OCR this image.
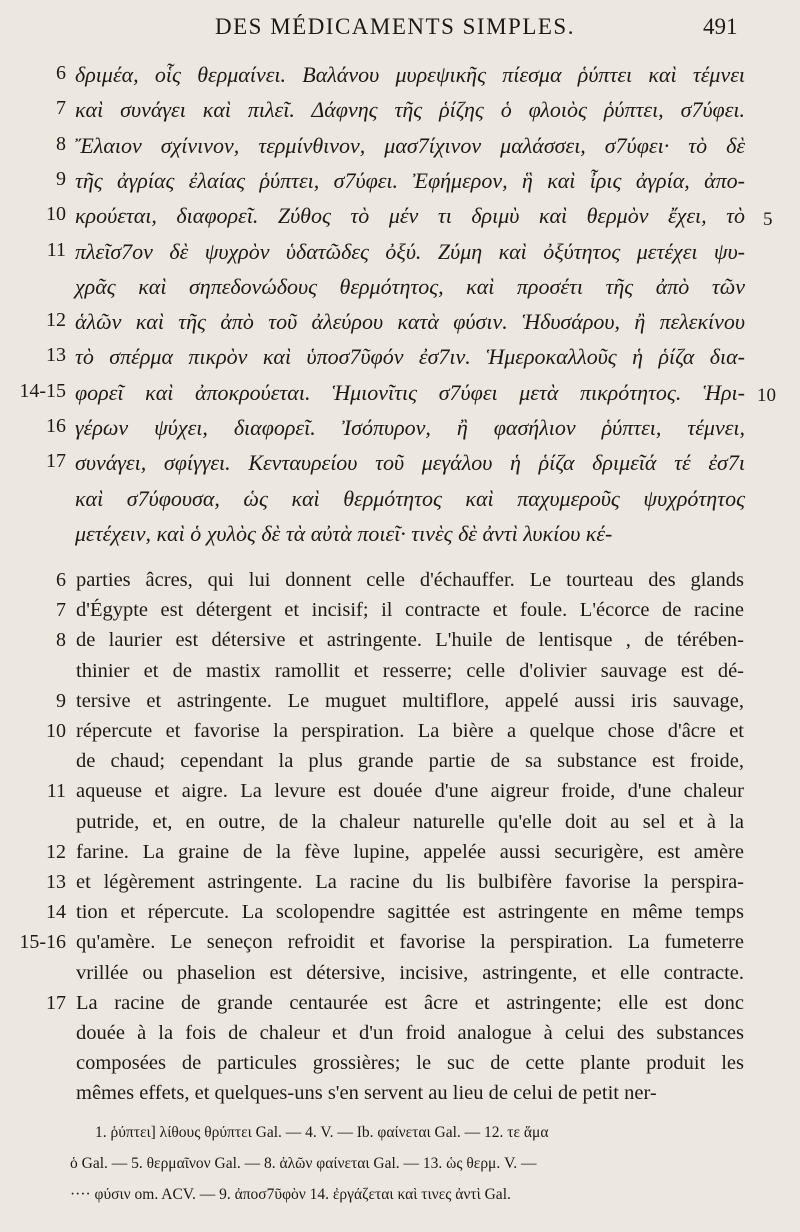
DES MÉDICAMENTS SIMPLES.	491
6 δριμέα, οἷς θερμαίνει. Βαλάνου μυρεψικῆς πίεσμα ῥύπτει καὶ τέμνει
7 καὶ συνάγει καὶ πιλεῖ. Δάφνης τῆς ῥίζης ὁ φλοιὸς ῥύπτει, σ7ύφει.
8 Ἔλαιον σχίνινον, τερμίνθινον, μασ7ίχινον μαλάσσει, σ7ύφει· τὸ δὲ
9 τῆς ἀγρίας ἐλαίας ῥύπτει, σ7ύφει. Ἐφήμερον, ἣ καὶ ἶρις ἀγρία, ἀπο-
10 κρούεται, διαφορεῖ. Ζύθος τὸ μέν τι δριμὺ καὶ θερμὸν ἔχει, τὸ
11 πλεῖσ7ον δὲ ψυχρὸν ὑδατῶδες ὀξύ. Ζύμη καὶ ὀξύτητος μετέχει ψυ-
χρᾶς καὶ σηπεδονώδους θερμότητος, καὶ προσέτι τῆς ἀπὸ τῶν
12 ἁλῶν καὶ τῆς ἀπὸ τοῦ ἀλεύρου κατὰ φύσιν. Ἡδυσάρου, ἢ πελεκίνου
13 τὸ σπέρμα πικρὸν καὶ ὑποσ7ῦφόν ἐσ7ιν. Ἡμεροκαλλοῦς ἡ ῥίζα δια-
14-15 φορεῖ καὶ ἀποκρούεται. Ἡμιονῖτις σ7ύφει μετὰ πικρότητος. Ἡρι-
16 γέρων ψύχει, διαφορεῖ. Ἰσόπυρον, ἢ φασήλιον ῥύπτει, τέμνει,
17 συνάγει, σφίγγει. Κενταυρείου τοῦ μεγάλου ἡ ῥίζα δριμεῖά τέ ἐσ7ι
καὶ σ7ύφουσα, ὡς καὶ θερμότητος καὶ παχυμεροῦς ψυχρότητος
μετέχειν, καὶ ὁ χυλὸς δὲ τὰ αὐτὰ ποιεῖ· τινὲς δὲ ἀντὶ λυκίου κέ-
5
10
6 parties âcres, qui lui donnent celle d'échauffer. Le tourteau des glands
7 d'Égypte est détergent et incisif; il contracte et foule. L'écorce de racine
8 de laurier est détersive et astringente. L'huile de lentisque , de térében-
thinier et de mastix ramollit et resserre; celle d'olivier sauvage est dé-
9 tersive et astringente. Le muguet multiflore, appelé aussi iris sauvage,
10 répercute et favorise la perspiration. La bière a quelque chose d'âcre et
de chaud; cependant la plus grande partie de sa substance est froide,
11 aqueuse et aigre. La levure est douée d'une aigreur froide, d'une chaleur
putride, et, en outre, de la chaleur naturelle qu'elle doit au sel et à la
12 farine. La graine de la fève lupine, appelée aussi securigère, est amère
13 et légèrement astringente. La racine du lis bulbifère favorise la perspira-
14 tion et répercute. La scolopendre sagittée est astringente en même temps
15-16 qu'amère. Le seneçon refroidit et favorise la perspiration. La fumeterre
vrillée ou phaselion est détersive, incisive, astringente, et elle contracte.
17 La racine de grande centaurée est âcre et astringente; elle est donc
douée à la fois de chaleur et d'un froid analogue à celui des substances
composées de particules grossières; le suc de cette plante produit les
mêmes effets, et quelques-uns s'en servent au lieu de celui de petit ner-
1. ῥύπτει] λίθους θρύπτει Gal. — 4. V. — Ib. φαίνεται Gal. — 12. τε ἅμα
ὁ Gal. — 5. θερμαῖνον Gal. — 8. ἀλῶν φαίνεται Gal. — 13. ὡς θερμ. V. —
···· φύσιν om. ACV. — 9. ἀποσ7ῦφὸν 14. ἐργάζεται καὶ τινες ἀντὶ Gal.
